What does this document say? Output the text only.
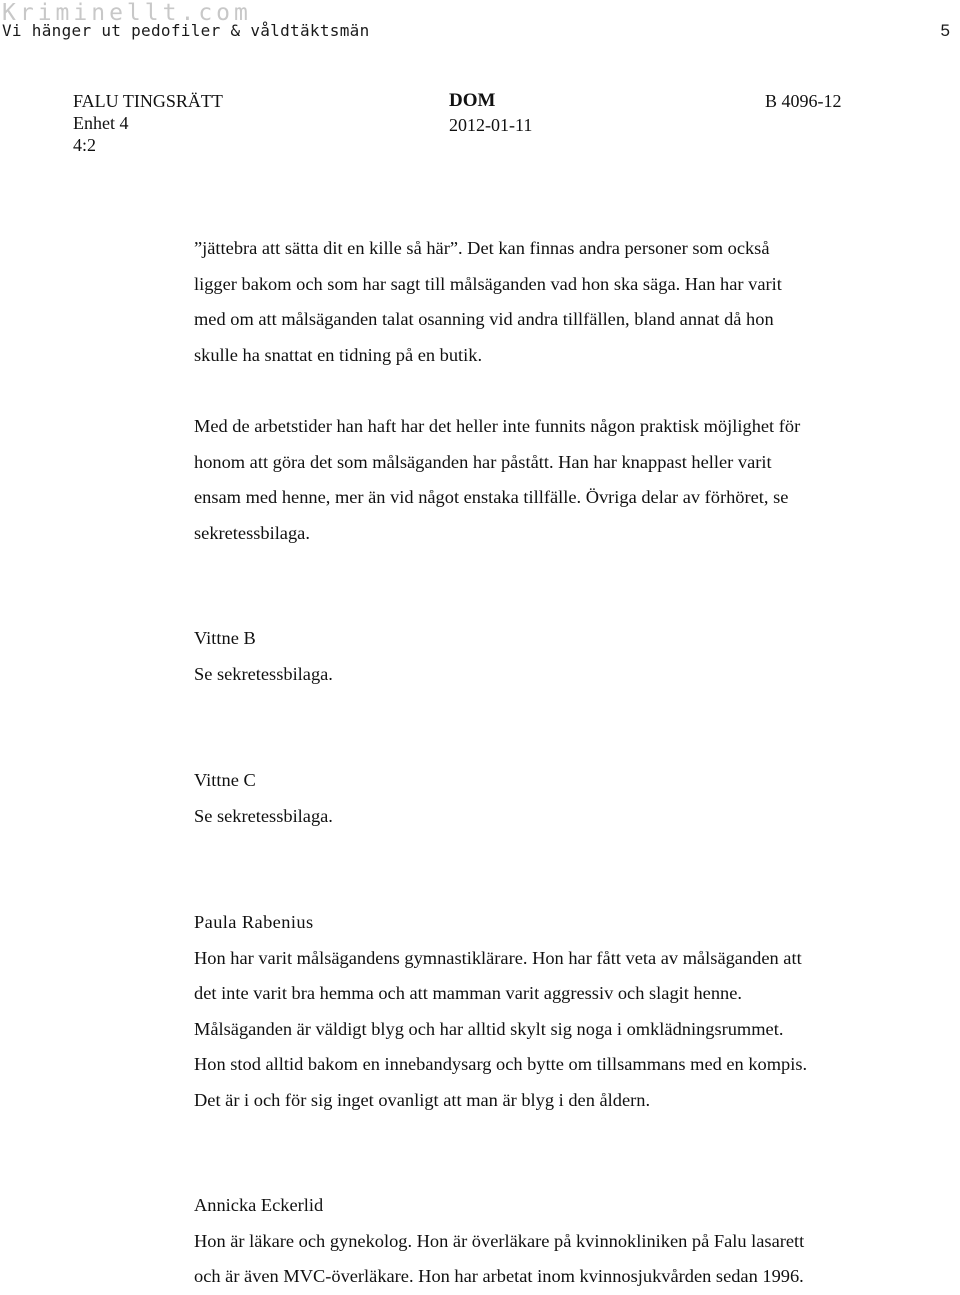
Kriminellt.com
Vi hänger ut pedofiler & våldtäktsmän	5
FALU TINGSRÄTT
Enhet 4
4:2
DOM
2012-01-11
B 4096-12
”jättebra att sätta dit en kille så här”. Det kan finnas andra personer som också
ligger bakom och som har sagt till målsäganden vad hon ska säga. Han har varit
med om att målsäganden talat osanning vid andra tillfällen, bland annat då hon
skulle ha snattat en tidning på en butik.
Med de arbetstider han haft har det heller inte funnits någon praktisk möjlighet för
honom att göra det som målsäganden har påstått. Han har knappast heller varit
ensam med henne, mer än vid något enstaka tillfälle. Övriga delar av förhöret, se
sekretessbilaga.
Vittne B
Se sekretessbilaga.
Vittne C
Se sekretessbilaga.
Paula Rabenius
Hon har varit målsägandens gymnastiklärare. Hon har fått veta av målsäganden att
det inte varit bra hemma och att mamman varit aggressiv och slagit henne.
Målsäganden är väldigt blyg och har alltid skylt sig noga i omklädningsrummet.
Hon stod alltid bakom en innebandysarg och bytte om tillsammans med en kompis.
Det är i och för sig inget ovanligt att man är blyg i den åldern.
Annicka Eckerlid
Hon är läkare och gynekolog. Hon är överläkare på kvinnokliniken på Falu lasarett
och är även MVC-överläkare. Hon har arbetat inom kvinnosjukvården sedan 1996.
